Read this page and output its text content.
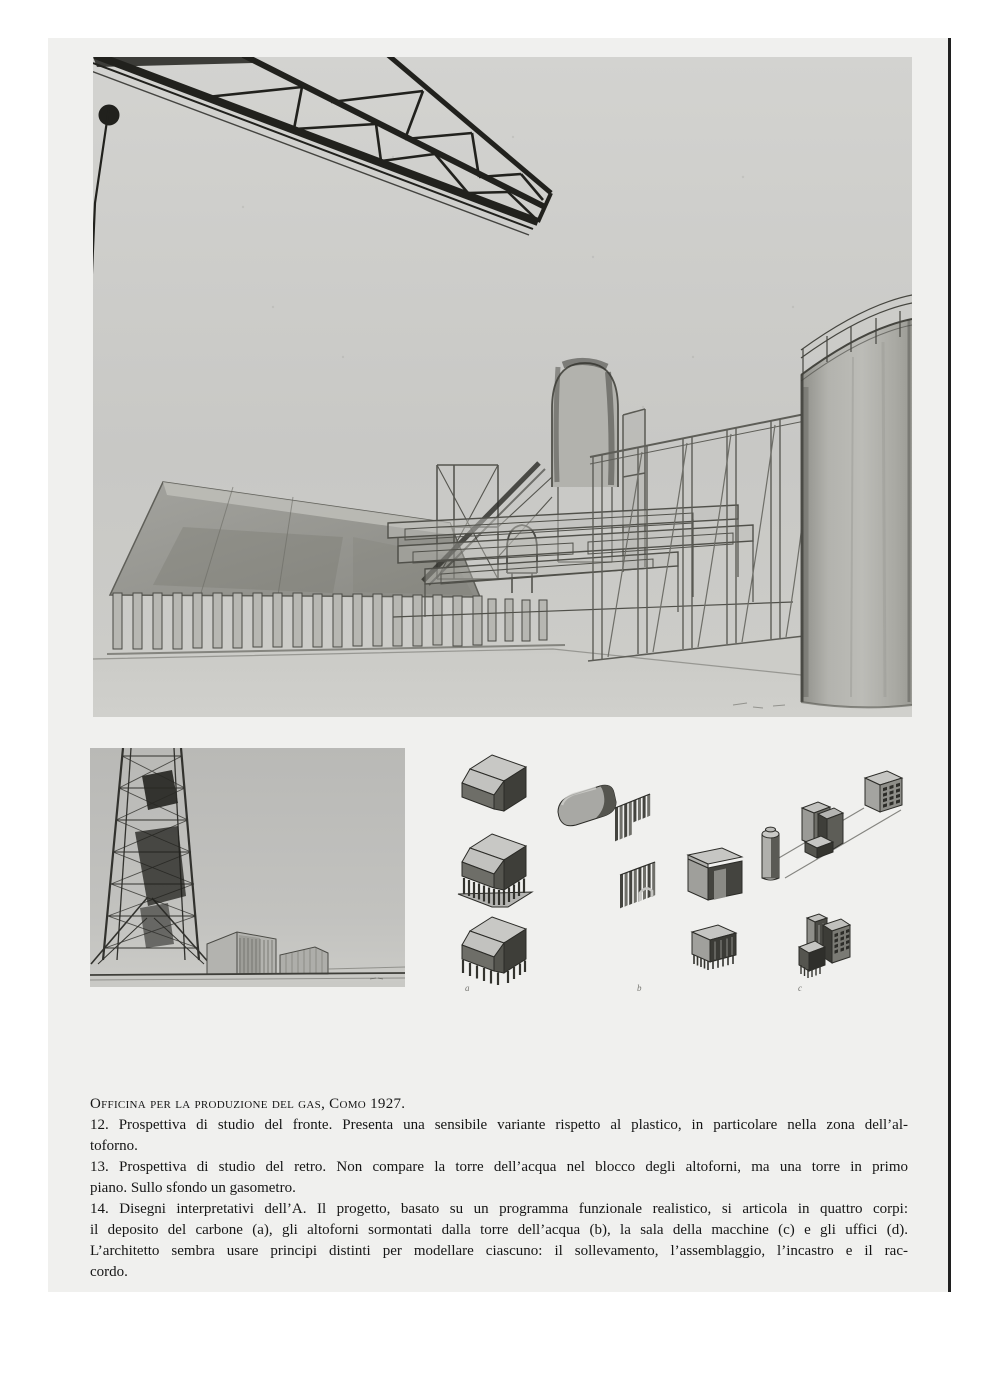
a	b	c
Officina per la produzione del gas, Como 1927.
12. Prospettiva di studio del fronte. Presenta una sensibile variante rispetto al plastico, in particolare nella zona dell’al-
toforno.
13. Prospettiva di studio del retro. Non compare la torre dell’acqua nel blocco degli altoforni, ma una torre in primo
piano. Sullo sfondo un gasometro.
14. Disegni interpretativi dell’A. Il progetto, basato su un programma funzionale realistico, si articola in quattro corpi:
il deposito del carbone (a), gli altoforni sormontati dalla torre dell’acqua (b), la sala della macchine (c) e gli uffici (d).
L’architetto sembra usare principi distinti per modellare ciascuno: il sollevamento, l’assemblaggio, l’incastro e il rac-
cordo.
